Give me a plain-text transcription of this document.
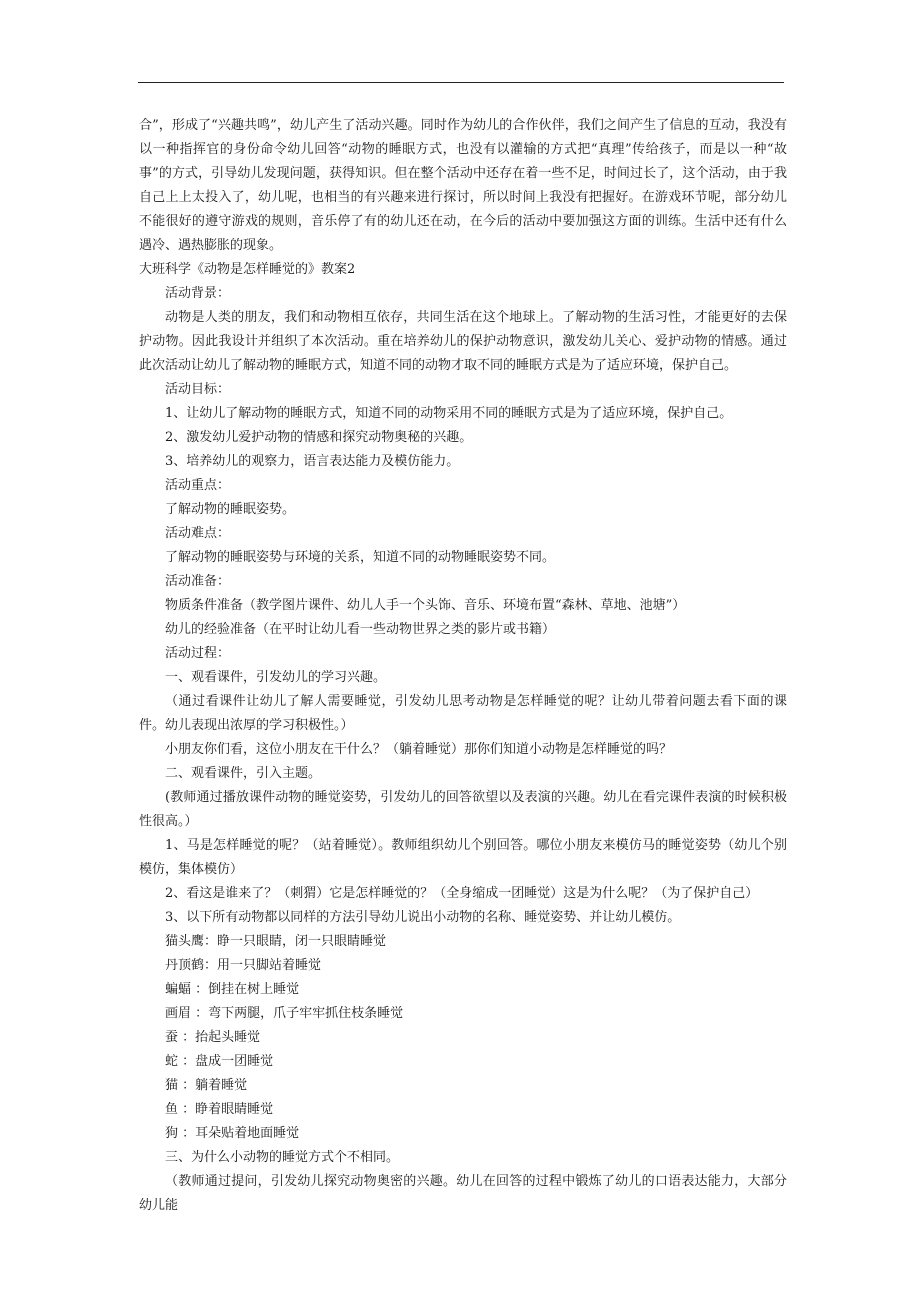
合”，形成了“兴趣共鸣”，幼儿产生了活动兴趣。同时作为幼儿的合作伙伴，我们之间产生了信息的互动，我没有以一种指挥官的身份命令幼儿回答“动物的睡眠方式，也没有以灌输的方式把“真理”传给孩子，而是以一种“故事”的方式，引导幼儿发现问题，获得知识。但在整个活动中还存在着一些不足，时间过长了，这个活动，由于我自己上上太投入了，幼儿呢，也相当的有兴趣来进行探讨，所以时间上我没有把握好。在游戏环节呢，部分幼儿不能很好的遵守游戏的规则，音乐停了有的幼儿还在动，在今后的活动中要加强这方面的训练。生活中还有什么遇冷、遇热膨胀的现象。

大班科学《动物是怎样睡觉的》教案2

活动背景：

动物是人类的朋友，我们和动物相互依存，共同生活在这个地球上。了解动物的生活习性，才能更好的去保护动物。因此我设计并组织了本次活动。重在培养幼儿的保护动物意识，激发幼儿关心、爱护动物的情感。通过此次活动让幼儿了解动物的睡眠方式，知道不同的动物才取不同的睡眠方式是为了适应环境，保护自己。

活动目标：

1、让幼儿了解动物的睡眠方式，知道不同的动物采用不同的睡眠方式是为了适应环境，保护自己。

2、激发幼儿爱护动物的情感和探究动物奥秘的兴趣。

3、培养幼儿的观察力，语言表达能力及模仿能力。

活动重点：

了解动物的睡眠姿势。

活动难点：

了解动物的睡眠姿势与环境的关系，知道不同的动物睡眠姿势不同。

活动准备：

物质条件准备（教学图片课件、幼儿人手一个头饰、音乐、环境布置“森林、草地、池塘”）

幼儿的经验准备（在平时让幼儿看一些动物世界之类的影片或书籍）

活动过程：

一、观看课件，引发幼儿的学习兴趣。

（通过看课件让幼儿了解人需要睡觉，引发幼儿思考动物是怎样睡觉的呢？让幼儿带着问题去看下面的课件。幼儿表现出浓厚的学习积极性。）

小朋友你们看，这位小朋友在干什么？（躺着睡觉）那你们知道小动物是怎样睡觉的吗？

二、观看课件，引入主题。

(教师通过播放课件动物的睡觉姿势，引发幼儿的回答欲望以及表演的兴趣。幼儿在看完课件表演的时候积极性很高。）

1、马是怎样睡觉的呢？（站着睡觉）。教师组织幼儿个别回答。哪位小朋友来模仿马的睡觉姿势（幼儿个别模仿，集体模仿）

2、看这是谁来了？（刺猬）它是怎样睡觉的？（全身缩成一团睡觉）这是为什么呢？（为了保护自己）

3、以下所有动物都以同样的方法引导幼儿说出小动物的名称、睡觉姿势、并让幼儿模仿。

猫头鹰：睁一只眼睛，闭一只眼睛睡觉

丹顶鹤：用一只脚站着睡觉

蝙蝠 ：倒挂在树上睡觉

画眉 ：弯下两腿，爪子牢牢抓住枝条睡觉

蚕 ：抬起头睡觉

蛇 ：盘成一团睡觉

猫 ：躺着睡觉

鱼 ：睁着眼睛睡觉

狗 ：耳朵贴着地面睡觉

三、为什么小动物的睡觉方式个不相同。

（教师通过提问，引发幼儿探究动物奥密的兴趣。幼儿在回答的过程中锻炼了幼儿的口语表达能力，大部分幼儿能
